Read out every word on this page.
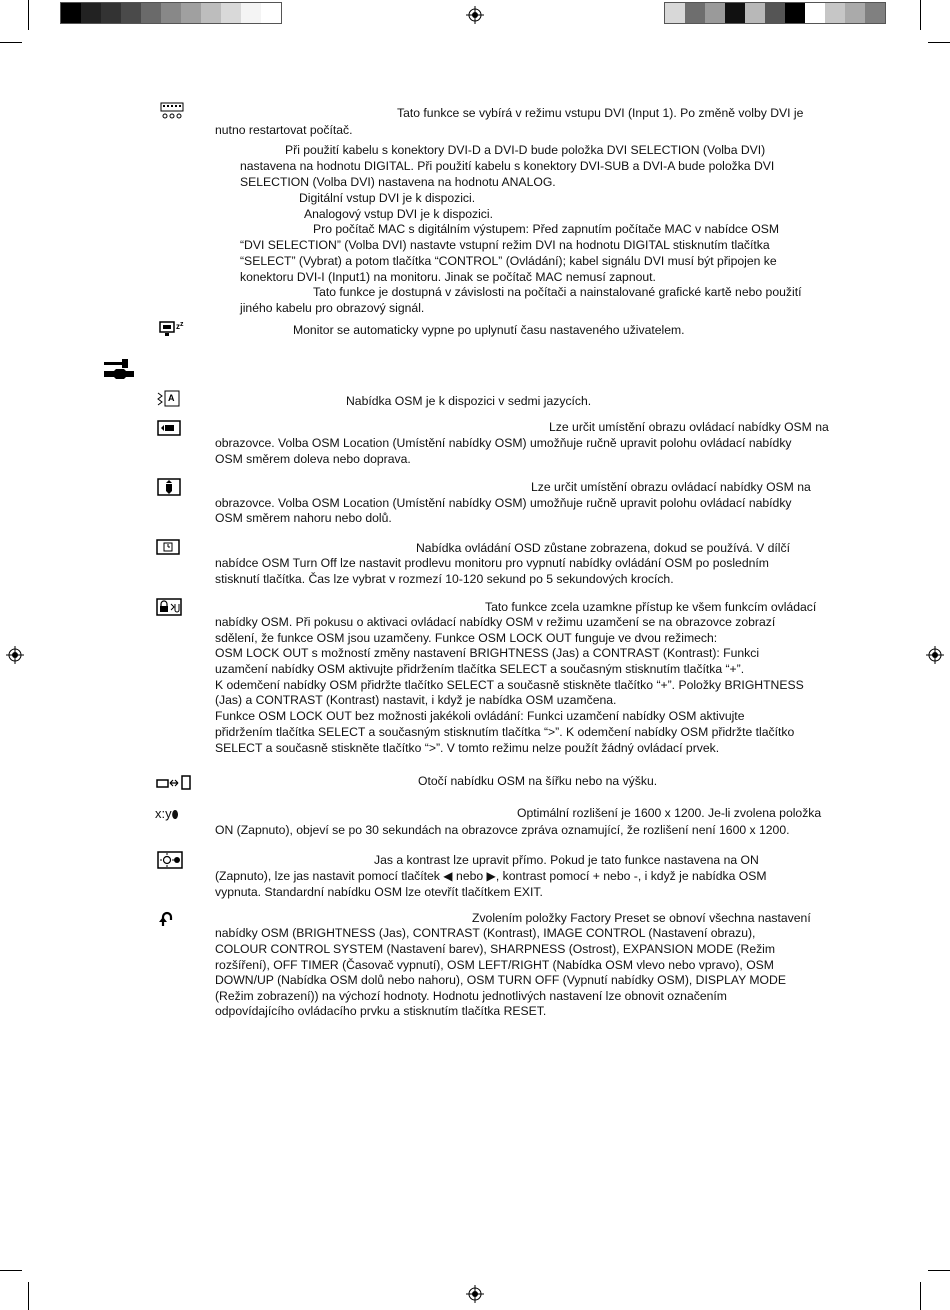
Tato funkce se vybírá v režimu vstupu DVI (Input 1). Po změně volby DVI je

nutno restartovat počítač.

Při použití kabelu s konektory DVI-D a DVI-D bude položka DVI SELECTION (Volba DVI)

nastavena na hodnotu DIGITAL. Při použití kabelu s konektory DVI-SUB a DVI-A bude položka DVI

SELECTION (Volba DVI) nastavena na hodnotu ANALOG.

Digitální vstup DVI je k dispozici.

Analogový vstup DVI je k dispozici.

Pro počítač MAC s digitálním výstupem: Před zapnutím počítače MAC v nabídce OSM

“DVI SELECTION” (Volba DVI) nastavte vstupní režim DVI na hodnotu DIGITAL stisknutím tlačítka

“SELECT” (Vybrat) a potom tlačítka “CONTROL” (Ovládání); kabel signálu DVI musí být připojen ke

konektoru DVI-I (Input1) na monitoru. Jinak se počítač MAC nemusí zapnout.

Tato funkce je dostupná v závislosti na počítači a nainstalované grafické kartě nebo použití

jiného kabelu pro obrazový signál.

z z	Monitor se automaticky vypne po uplynutí času nastaveného uživatelem.

A	Nabídka OSM je k dispozici v sedmi jazycích.

Lze určit umístění obrazu ovládací nabídky OSM na

obrazovce. Volba OSM Location (Umístění nabídky OSM) umožňuje ručně upravit polohu ovládací nabídky

OSM směrem doleva nebo doprava.

Lze určit umístění obrazu ovládací nabídky OSM na

obrazovce. Volba OSM Location (Umístění nabídky OSM) umožňuje ručně upravit polohu ovládací nabídky

OSM směrem nahoru nebo dolů.

Nabídka ovládání OSD zůstane zobrazena, dokud se používá. V dílčí

nabídce OSM Turn Off lze nastavit prodlevu monitoru pro vypnutí nabídky ovládání OSM po posledním

stisknutí tlačítka. Čas lze vybrat v rozmezí 10-120 sekund po 5 sekundových krocích.

Tato funkce zcela uzamkne přístup ke všem funkcím ovládací

nabídky OSM. Při pokusu o aktivaci ovládací nabídky OSM v režimu uzamčení se na obrazovce zobrazí

sdělení, že funkce OSM jsou uzamčeny. Funkce OSM LOCK OUT funguje ve dvou režimech:

OSM LOCK OUT s možností změny nastavení BRIGHTNESS (Jas) a CONTRAST (Kontrast): Funkci

uzamčení nabídky OSM aktivujte přidržením tlačítka SELECT a současným stisknutím tlačítka “+”.

K odemčení nabídky OSM přidržte tlačítko SELECT a současně stiskněte tlačítko “+”. Položky BRIGHTNESS

(Jas) a CONTRAST (Kontrast) nastavit, i když je nabídka OSM uzamčena.

Funkce OSM LOCK OUT bez možnosti jakékoli ovládání: Funkci uzamčení nabídky OSM aktivujte

přidržením tlačítka SELECT a současným stisknutím tlačítka “>”. K odemčení nabídky OSM přidržte tlačítko

SELECT a současně stiskněte tlačítko “>”. V tomto režimu nelze použít žádný ovládací prvek.

Otočí nabídku OSM na šířku nebo na výšku.

x:y⬮	Optimální rozlišení je 1600 x 1200. Je-li zvolena položka

ON (Zapnuto), objeví se po 30 sekundách na obrazovce zpráva oznamující, že rozlišení není 1600 x 1200.

Jas a kontrast lze upravit přímo. Pokud je tato funkce nastavena na ON

(Zapnuto), lze jas nastavit pomocí tlačítek ◀ nebo ▶, kontrast pomocí + nebo -, i když je nabídka OSM

vypnuta. Standardní nabídku OSM lze otevřít tlačítkem EXIT.

Zvolením položky Factory Preset se obnoví všechna nastavení

nabídky OSM (BRIGHTNESS (Jas), CONTRAST (Kontrast), IMAGE CONTROL (Nastavení obrazu),

COLOUR CONTROL SYSTEM (Nastavení barev), SHARPNESS (Ostrost), EXPANSION MODE (Režim

rozšíření), OFF TIMER (Časovač vypnutí), OSM LEFT/RIGHT (Nabídka OSM vlevo nebo vpravo), OSM

DOWN/UP (Nabídka OSM dolů nebo nahoru), OSM TURN OFF (Vypnutí nabídky OSM), DISPLAY MODE

(Režim zobrazení)) na výchozí hodnoty. Hodnotu jednotlivých nastavení lze obnovit označením

odpovídajícího ovládacího prvku a stisknutím tlačítka RESET.
